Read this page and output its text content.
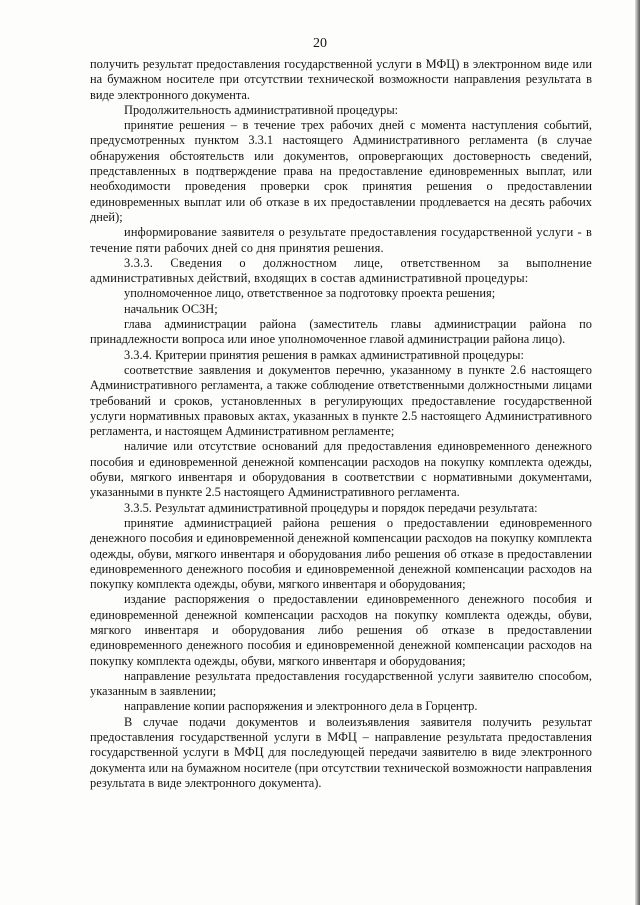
20

получить результат предоставления государственной услуги в МФЦ) в электронном виде или на бумажном носителе при отсутствии технической возможности направления результата в виде электронного документа.

Продолжительность административной процедуры:

принятие решения – в течение трех рабочих дней с момента наступления событий, предусмотренных пунктом 3.3.1 настоящего Административного регламента (в случае обнаружения обстоятельств или документов, опровергающих достоверность сведений, представленных в подтверждение права на предоставление единовременных выплат, или необходимости проведения проверки срок принятия решения о предоставлении единовременных выплат или об отказе в их предоставлении продлевается на десять рабочих дней);

информирование заявителя о результате предоставления государственной услуги - в течение пяти рабочих дней со дня принятия решения.

3.3.3. Сведения о должностном лице, ответственном за выполнение административных действий, входящих в состав административной процедуры:

уполномоченное лицо, ответственное за подготовку проекта решения;

начальник ОСЗН;

глава администрации района (заместитель главы администрации района по принадлежности вопроса или иное уполномоченное главой администрации района лицо).

3.3.4. Критерии принятия решения в рамках административной процедуры:

соответствие заявления и документов перечню, указанному в пункте 2.6 настоящего Административного регламента, а также соблюдение ответственными должностными лицами требований и сроков, установленных в регулирующих предоставление государственной услуги нормативных правовых актах, указанных в пункте 2.5 настоящего Административного регламента, и настоящем Административном регламенте;

наличие или отсутствие оснований для предоставления единовременного денежного пособия и единовременной денежной компенсации расходов на покупку комплекта одежды, обуви, мягкого инвентаря и оборудования в соответствии с нормативными документами, указанными в пункте 2.5 настоящего Административного регламента.

3.3.5. Результат административной процедуры и порядок передачи результата:

принятие администрацией района решения о предоставлении единовременного денежного пособия и единовременной денежной компенсации расходов на покупку комплекта одежды, обуви, мягкого инвентаря и оборудования либо решения об отказе в предоставлении единовременного денежного пособия и единовременной денежной компенсации расходов на покупку комплекта одежды, обуви, мягкого инвентаря и оборудования;

издание распоряжения о предоставлении единовременного денежного пособия и единовременной денежной компенсации расходов на покупку комплекта одежды, обуви, мягкого инвентаря и оборудования либо решения об отказе в предоставлении единовременного денежного пособия и единовременной денежной компенсации расходов на покупку комплекта одежды, обуви, мягкого инвентаря и оборудования;

направление результата предоставления государственной услуги заявителю способом, указанным в заявлении;

направление копии распоряжения и электронного дела в Горцентр.

В случае подачи документов и волеизъявления заявителя получить результат предоставления государственной услуги в МФЦ – направление результата предоставления государственной услуги в МФЦ для последующей передачи заявителю в виде электронного документа или на бумажном носителе (при отсутствии технической возможности направления результата в виде электронного документа).
